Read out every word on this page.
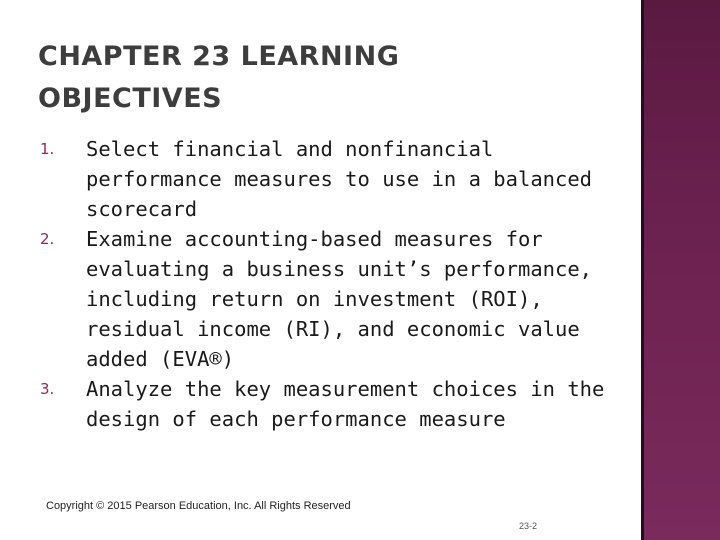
CHAPTER 23 LEARNING
OBJECTIVES
1. Select financial and nonfinancial performance measures to use in a balanced scorecard
2. Examine accounting-based measures for evaluating a business unit’s performance, including return on investment (ROI), residual income (RI), and economic value added (EVA®)
3. Analyze the key measurement choices in the design of each performance measure
Copyright © 2015 Pearson Education, Inc. All Rights Reserved
23-2
